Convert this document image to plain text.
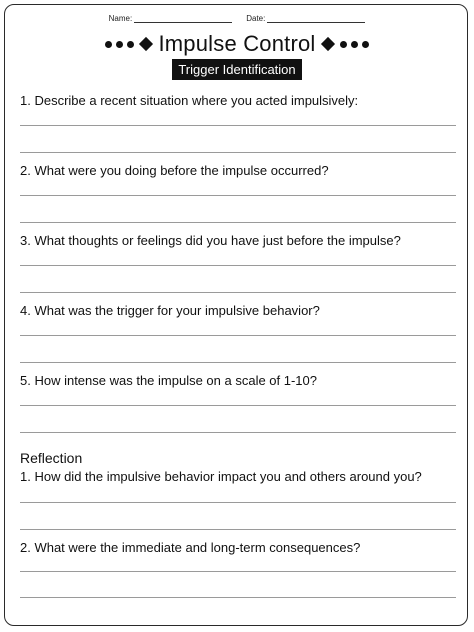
Name:	Date:
Impulse Control
Trigger Identification

1. Describe a recent situation where you acted impulsively:

2. What were you doing before the impulse occurred?

3. What thoughts or feelings did you have just before the impulse?

4. What was the trigger for your impulsive behavior?

5. How intense was the impulse on a scale of 1-10?

Reflection

1. How did the impulsive behavior impact you and others around you?

2. What were the immediate and long-term consequences?
